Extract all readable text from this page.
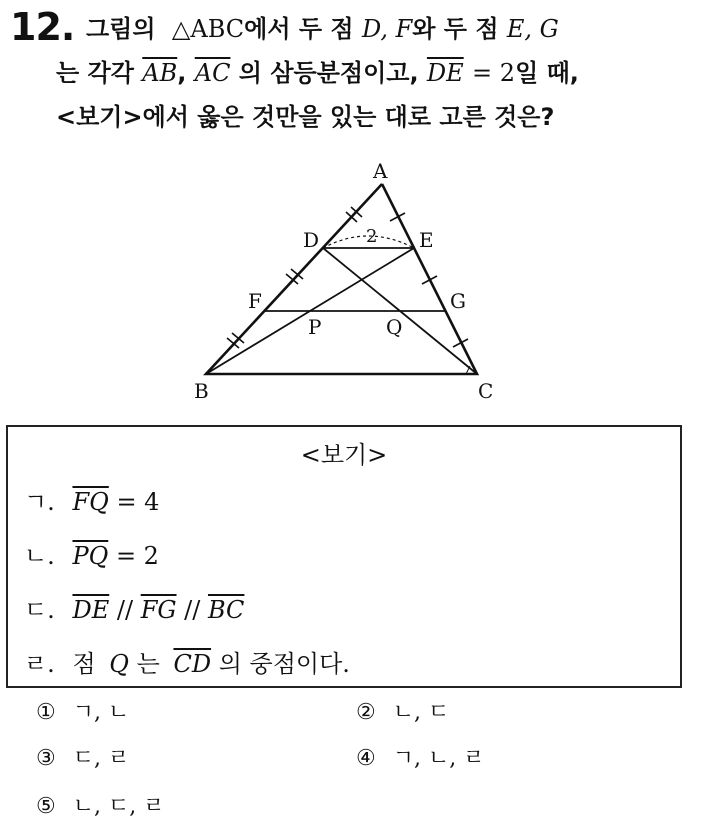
12. 그림의 △ABC에서 두 점 D, F와 두 점 E, G
는 각각 $\overline{AB}$, $\overline{AC}$ 의 삼등분점이고, $\overline{DE} = 2$일 때,
<보기>에서 옳은 것만을 있는 대로 고른 것은?
A
B	C
D	E
F	G
P	Q
2
<보기>
ㄱ. $\overline{FQ} = 4$
ㄴ. $\overline{PQ} = 2$
ㄷ. $\overline{DE} // \overline{FG} // \overline{BC}$
ㄹ. 점 Q 는 $\overline{CD}$ 의 중점이다.
① ㄱ, ㄴ	② ㄴ, ㄷ
③ ㄷ, ㄹ	④ ㄱ, ㄴ, ㄹ
⑤ ㄴ, ㄷ, ㄹ
